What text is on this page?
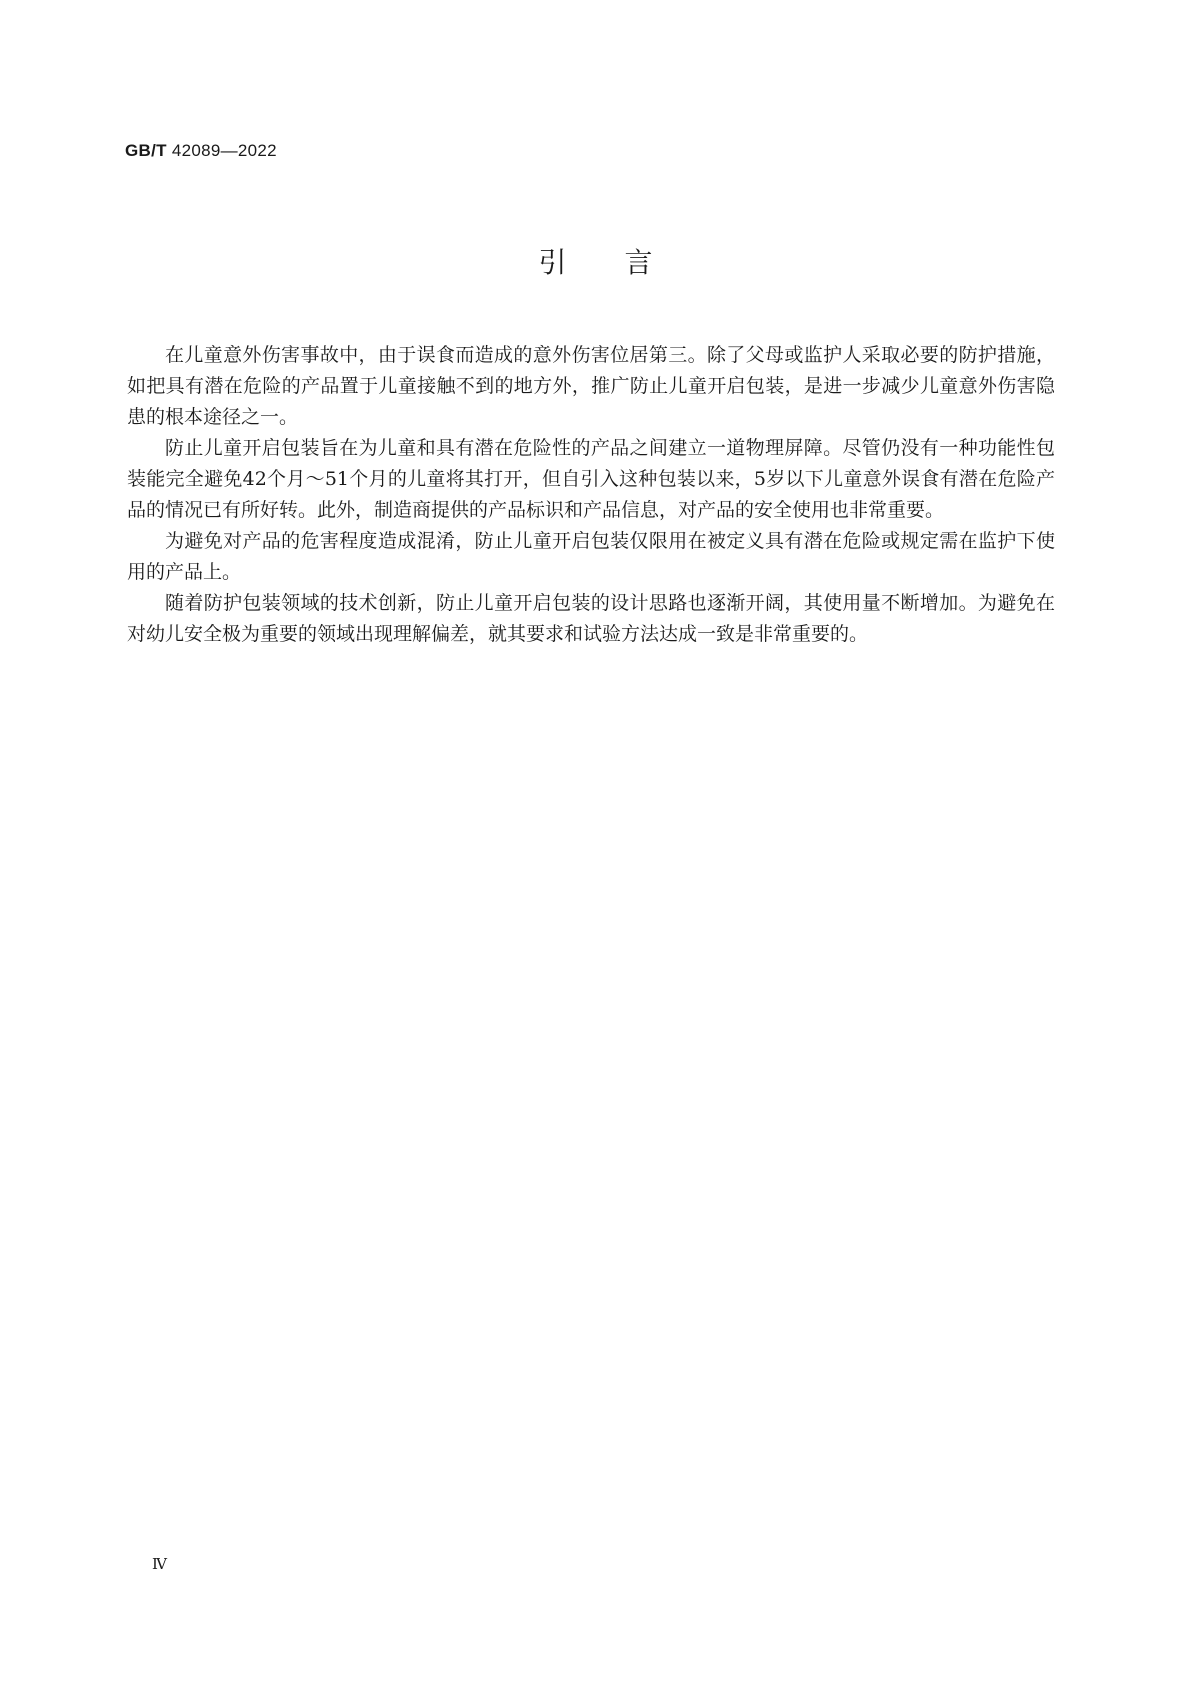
GB/T 42089—2022
引言

在儿童意外伤害事故中，由于误食而造成的意外伤害位居第三。除了父母或监护人采取必要的防护措施，如把具有潜在危险的产品置于儿童接触不到的地方外，推广防止儿童开启包装，是进一步减少儿童意外伤害隐患的根本途径之一。

防止儿童开启包装旨在为儿童和具有潜在危险性的产品之间建立一道物理屏障。尽管仍没有一种功能性包装能完全避免42个月～51个月的儿童将其打开，但自引入这种包装以来，5岁以下儿童意外误食有潜在危险产品的情况已有所好转。此外，制造商提供的产品标识和产品信息，对产品的安全使用也非常重要。

为避免对产品的危害程度造成混淆，防止儿童开启包装仅限用在被定义具有潜在危险或规定需在监护下使用的产品上。

随着防护包装领域的技术创新，防止儿童开启包装的设计思路也逐渐开阔，其使用量不断增加。为避免在对幼儿安全极为重要的领域出现理解偏差，就其要求和试验方法达成一致是非常重要的。

Ⅳ
